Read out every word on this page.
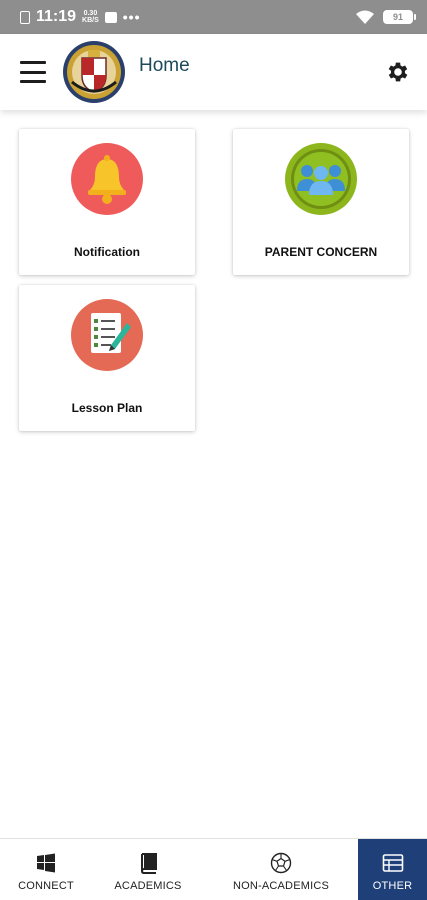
11:19 0.30
KB/S •••	91
Home
Notification	PARENT CONCERN
Lesson Plan
CONNECT	ACADEMICS	NON-ACADEMICS	OTHER
